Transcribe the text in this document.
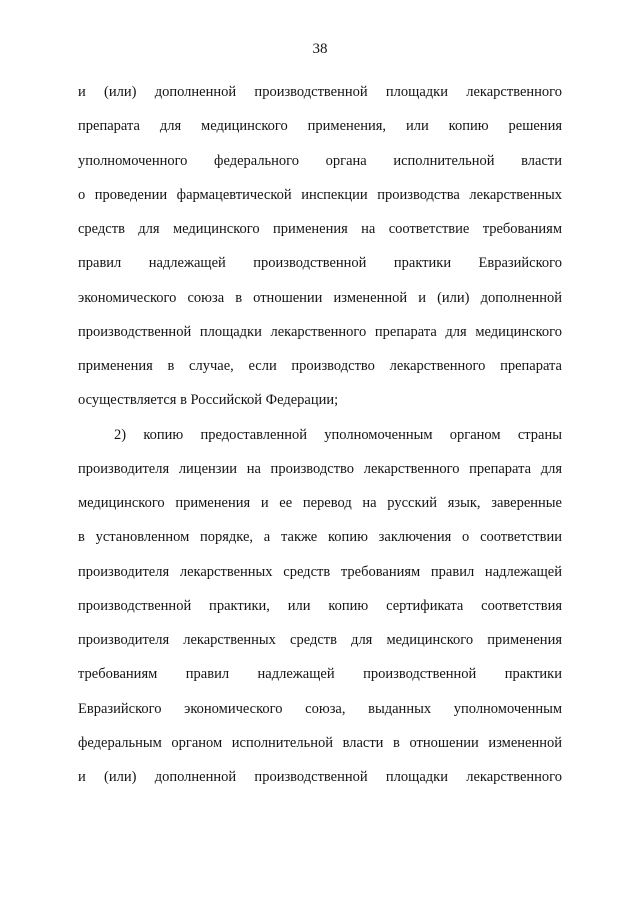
38
и (или) дополненной производственной площадки лекарственного
препарата для медицинского применения, или копию решения
уполномоченного федерального органа исполнительной власти
о проведении фармацевтической инспекции производства лекарственных
средств для медицинского применения на соответствие требованиям
правил надлежащей производственной практики Евразийского
экономического союза в отношении измененной и (или) дополненной
производственной площадки лекарственного препарата для медицинского
применения в случае, если производство лекарственного препарата
осуществляется в Российской Федерации;
2) копию предоставленной уполномоченным органом страны
производителя лицензии на производство лекарственного препарата для
медицинского применения и ее перевод на русский язык, заверенные
в установленном порядке, а также копию заключения о соответствии
производителя лекарственных средств требованиям правил надлежащей
производственной практики, или копию сертификата соответствия
производителя лекарственных средств для медицинского применения
требованиям правил надлежащей производственной практики
Евразийского экономического союза, выданных уполномоченным
федеральным органом исполнительной власти в отношении измененной
и (или) дополненной производственной площадки лекарственного
